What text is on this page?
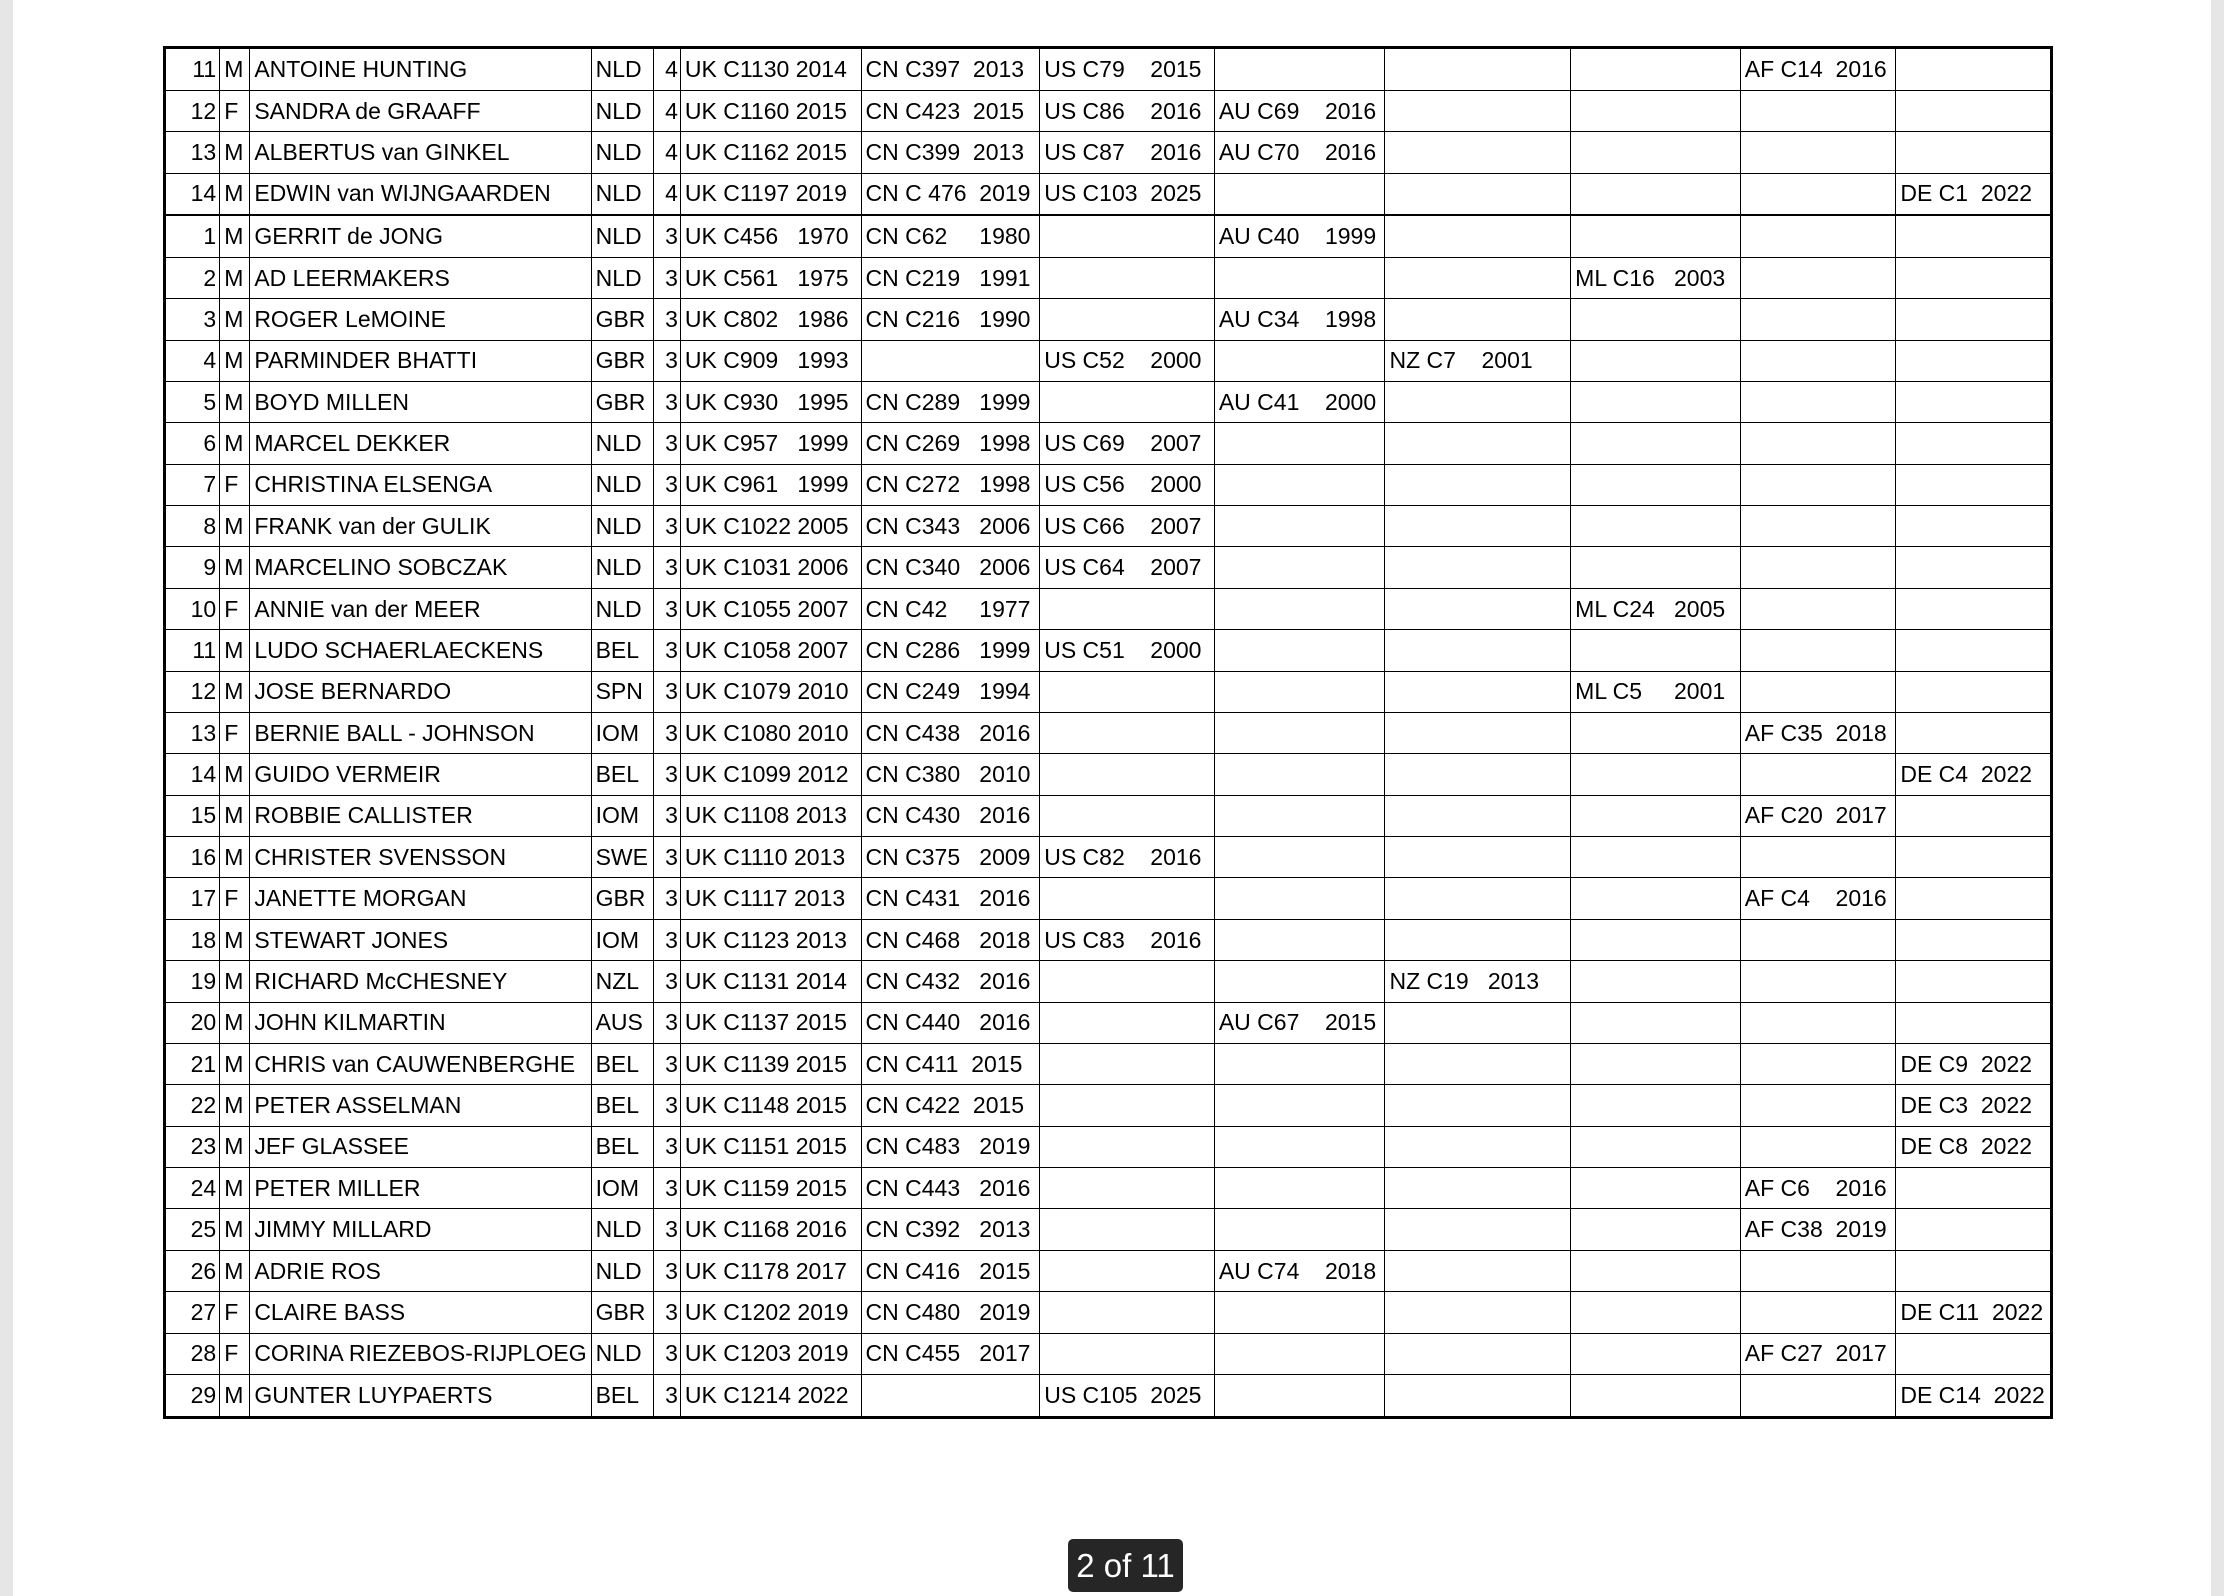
11	M	ANTOINE HUNTING	NLD	4	UK C1130 2014	CN C397  2013	US C79    2015				AF C14  2016	
12	F	SANDRA de GRAAFF	NLD	4	UK C1160 2015	CN C423  2015	US C86    2016	AU C69    2016				
13	M	ALBERTUS van GINKEL	NLD	4	UK C1162 2015	CN C399  2013	US C87    2016	AU C70    2016				
14	M	EDWIN van WIJNGAARDEN	NLD	4	UK C1197 2019	CN C 476  2019	US C103  2025					DE C1  2022

1	M	GERRIT de JONG	NLD	3	UK C456   1970	CN C62     1980		AU C40    1999				
2	M	AD LEERMAKERS	NLD	3	UK C561   1975	CN C219   1991				ML C16   2003		
3	M	ROGER LeMOINE	GBR	3	UK C802   1986	CN C216   1990		AU C34    1998				
4	M	PARMINDER BHATTI	GBR	3	UK C909   1993		US C52    2000		NZ C7    2001			
5	M	BOYD MILLEN	GBR	3	UK C930   1995	CN C289   1999		AU C41    2000				
6	M	MARCEL DEKKER	NLD	3	UK C957   1999	CN C269   1998	US C69    2007					
7	F	CHRISTINA ELSENGA	NLD	3	UK C961   1999	CN C272   1998	US C56    2000					
8	M	FRANK van der GULIK	NLD	3	UK C1022 2005	CN C343   2006	US C66    2007					
9	M	MARCELINO SOBCZAK	NLD	3	UK C1031 2006	CN C340   2006	US C64    2007					
10	F	ANNIE van der MEER	NLD	3	UK C1055 2007	CN C42     1977				ML C24   2005		
11	M	LUDO SCHAERLAECKENS	BEL	3	UK C1058 2007	CN C286   1999	US C51    2000					
12	M	JOSE BERNARDO	SPN	3	UK C1079 2010	CN C249   1994				ML C5     2001		
13	F	BERNIE BALL - JOHNSON	IOM	3	UK C1080 2010	CN C438   2016					AF C35  2018	
14	M	GUIDO VERMEIR	BEL	3	UK C1099 2012	CN C380   2010						DE C4  2022
15	M	ROBBIE CALLISTER	IOM	3	UK C1108 2013	CN C430   2016					AF C20  2017	
16	M	CHRISTER SVENSSON	SWE	3	UK C1110 2013	CN C375   2009	US C82    2016					
17	F	JANETTE MORGAN	GBR	3	UK C1117 2013	CN C431   2016					AF C4    2016	
18	M	STEWART JONES	IOM	3	UK C1123 2013	CN C468   2018	US C83    2016					
19	M	RICHARD McCHESNEY	NZL	3	UK C1131 2014	CN C432   2016			NZ C19   2013			
20	M	JOHN KILMARTIN	AUS	3	UK C1137 2015	CN C440   2016		AU C67    2015				
21	M	CHRIS van CAUWENBERGHE	BEL	3	UK C1139 2015	CN C411  2015						DE C9  2022
22	M	PETER ASSELMAN	BEL	3	UK C1148 2015	CN C422  2015						DE C3  2022
23	M	JEF GLASSEE	BEL	3	UK C1151 2015	CN C483   2019						DE C8  2022
24	M	PETER MILLER	IOM	3	UK C1159 2015	CN C443   2016					AF C6    2016	
25	M	JIMMY MILLARD	NLD	3	UK C1168 2016	CN C392   2013					AF C38  2019	
26	M	ADRIE ROS	NLD	3	UK C1178 2017	CN C416   2015		AU C74    2018				
27	F	CLAIRE BASS	GBR	3	UK C1202 2019	CN C480   2019						DE C11  2022
28	F	CORINA RIEZEBOS-RIJPLOEG	NLD	3	UK C1203 2019	CN C455   2017					AF C27  2017	
29	M	GUNTER LUYPAERTS	BEL	3	UK C1214 2022		US C105  2025					DE C14  2022
2 of 11
